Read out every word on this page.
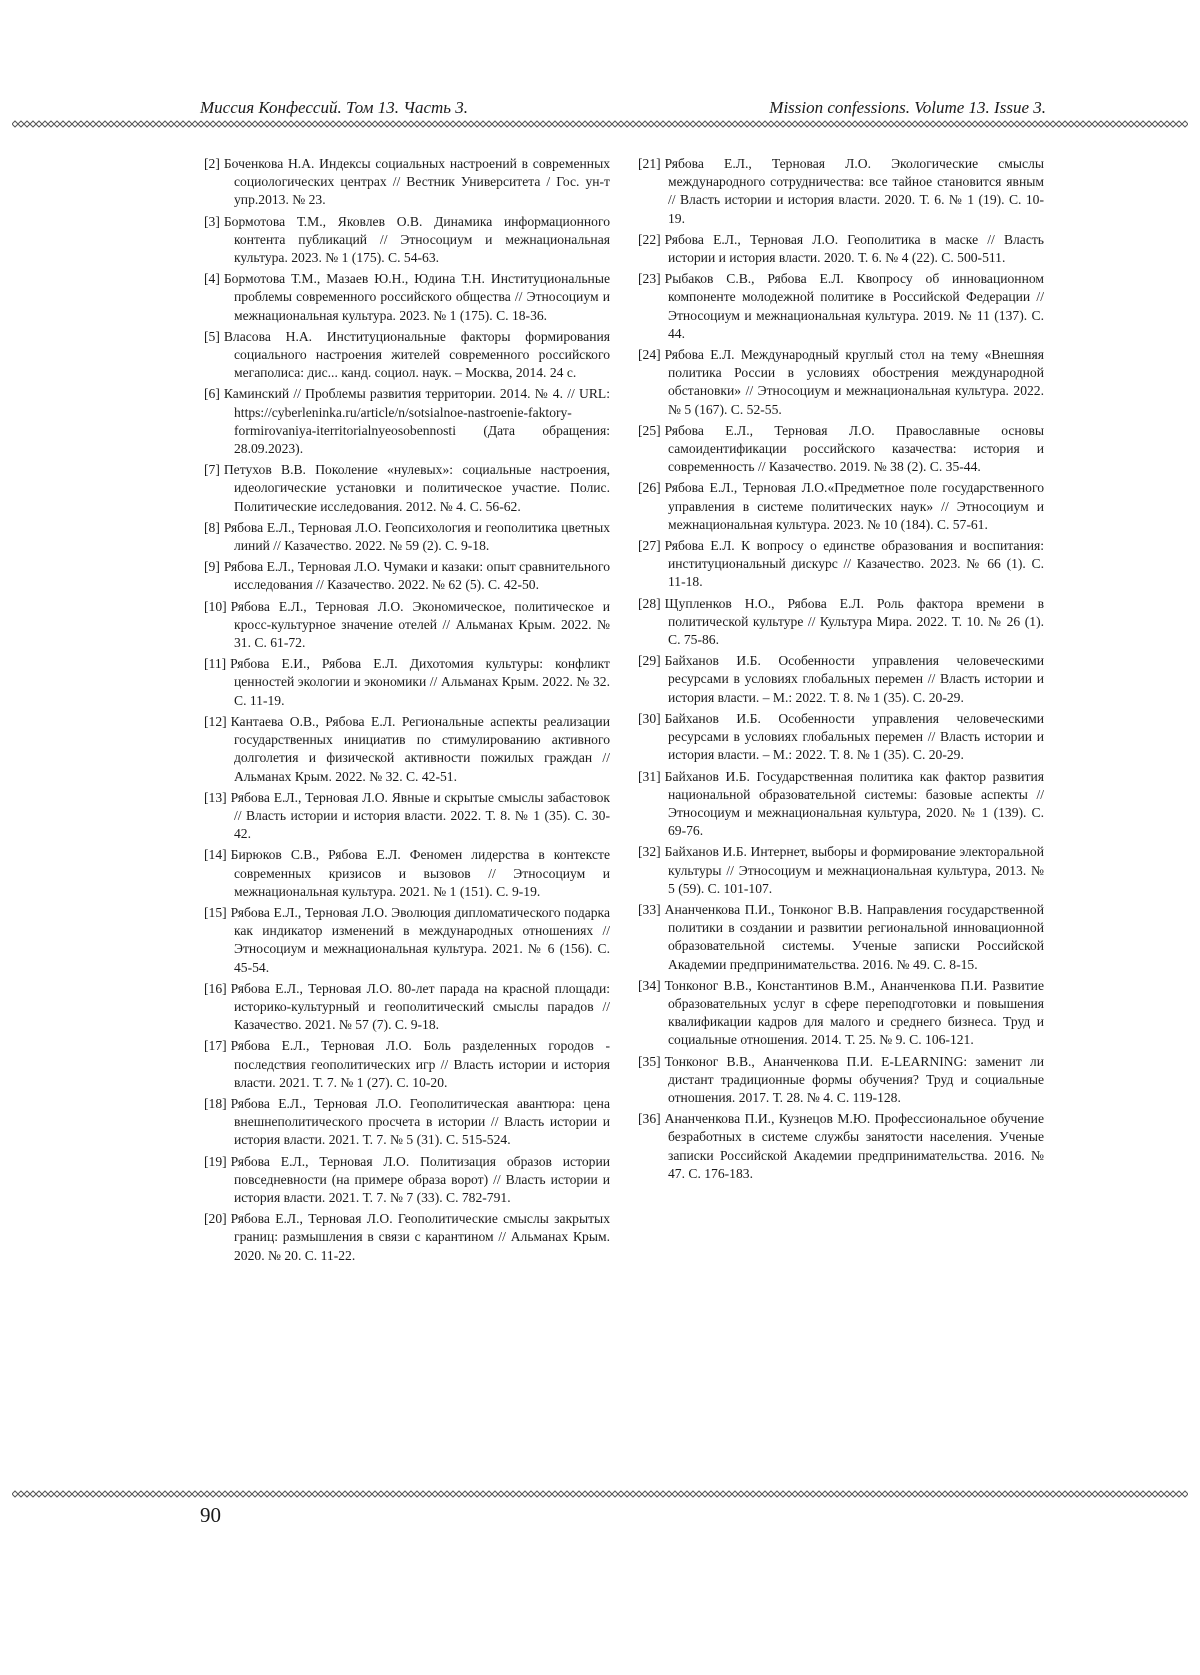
Миссия Конфессий. Том 13. Часть 3.	Mission confessions. Volume 13. Issue 3.
[2] Боченкова Н.А. Индексы социальных настроений в современных социологических центрах // Вестник Университета / Гос. ун-т упр.2013. № 23.
[3] Бормотова Т.М., Яковлев О.В. Динамика информационного контента публикаций // Этносоциум и межнациональная культура. 2023. № 1 (175). С. 54-63.
[4] Бормотова Т.М., Мазаев Ю.Н., Юдина Т.Н. Институциональные проблемы современного российского общества // Этносоциум и межнациональная культура. 2023. № 1 (175). С. 18-36.
[5] Власова Н.А. Институциональные факторы формирования социального настроения жителей современного российского мегаполиса: дис... канд. социол. наук. – Москва, 2014. 24 с.
[6] Каминский // Проблемы развития территории. 2014. № 4. // URL: https://cyberleninka.ru/article/n/sotsialnoe-nastroenie-faktory-formirovaniya-iterritorialnyeosobennosti (Дата обращения: 28.09.2023).
[7] Петухов В.В. Поколение «нулевых»: социальные настроения, идеологические установки и политическое участие. Полис. Политические исследования. 2012. № 4. С. 56-62.
[8] Рябова Е.Л., Терновая Л.О. Геопсихология и геополитика цветных линий // Казачество. 2022. № 59 (2). С. 9-18.
[9] Рябова Е.Л., Терновая Л.О. Чумаки и казаки: опыт сравнительного исследования // Казачество. 2022. № 62 (5). С. 42-50.
[10] Рябова Е.Л., Терновая Л.О. Экономическое, политическое и кросс-культурное значение отелей // Альманах Крым. 2022. № 31. С. 61-72.
[11] Рябова Е.И., Рябова Е.Л. Дихотомия культуры: конфликт ценностей экологии и экономики // Альманах Крым. 2022. № 32. С. 11-19.
[12] Кантаева О.В., Рябова Е.Л. Региональные аспекты реализации государственных инициатив по стимулированию активного долголетия и физической активности пожилых граждан // Альманах Крым. 2022. № 32. С. 42-51.
[13] Рябова Е.Л., Терновая Л.О. Явные и скрытые смыслы забастовок // Власть истории и история власти. 2022. Т. 8. № 1 (35). С. 30-42.
[14] Бирюков С.В., Рябова Е.Л. Феномен лидерства в контексте современных кризисов и вызовов // Этносоциум и межнациональная культура. 2021. № 1 (151). С. 9-19.
[15] Рябова Е.Л., Терновая Л.О. Эволюция дипломатического подарка как индикатор изменений в международных отношениях // Этносоциум и межнациональная культура. 2021. № 6 (156). С. 45-54.
[16] Рябова Е.Л., Терновая Л.О. 80-лет парада на красной площади: историко-культурный и геополитический смыслы парадов // Казачество. 2021. № 57 (7). С. 9-18.
[17] Рябова Е.Л., Терновая Л.О. Боль разделенных городов - последствия геополитических игр // Власть истории и история власти. 2021. Т. 7. № 1 (27). С. 10-20.
[18] Рябова Е.Л., Терновая Л.О. Геополитическая авантюра: цена внешнеполитического просчета в истории // Власть истории и история власти. 2021. Т. 7. № 5 (31). С. 515-524.
[19] Рябова Е.Л., Терновая Л.О. Политизация образов истории повседневности (на примере образа ворот) // Власть истории и история власти. 2021. Т. 7. № 7 (33). С. 782-791.
[20] Рябова Е.Л., Терновая Л.О. Геополитические смыслы закрытых границ: размышления в связи с карантином // Альманах Крым. 2020. № 20. С. 11-22.
[21] Рябова Е.Л., Терновая Л.О. Экологические смыслы международного сотрудничества: все тайное становится явным // Власть истории и история власти. 2020. Т. 6. № 1 (19). С. 10-19.
[22] Рябова Е.Л., Терновая Л.О. Геополитика в маске // Власть истории и история власти. 2020. Т. 6. № 4 (22). С. 500-511.
[23] Рыбаков С.В., Рябова Е.Л. Квопросу об инновационном компоненте молодежной политике в Российской Федерации // Этносоциум и межнациональная культура. 2019. № 11 (137). С. 44.
[24] Рябова Е.Л. Международный круглый стол на тему «Внешняя политика России в условиях обострения международной обстановки» // Этносоциум и межнациональная культура. 2022. № 5 (167). С. 52-55.
[25] Рябова Е.Л., Терновая Л.О. Православные основы самоидентификации российского казачества: история и современность // Казачество. 2019. № 38 (2). С. 35-44.
[26] Рябова Е.Л., Терновая Л.О.«Предметное поле государственного управления в системе политических наук» // Этносоциум и межнациональная культура. 2023. № 10 (184). С. 57-61.
[27] Рябова Е.Л. К вопросу о единстве образования и воспитания: институциональный дискурс // Казачество. 2023. № 66 (1). С. 11-18.
[28] Щупленков Н.О., Рябова Е.Л. Роль фактора времени в политической культуре // Культура Мира. 2022. Т. 10. № 26 (1). С. 75-86.
[29] Байханов И.Б. Особенности управления человеческими ресурсами в условиях глобальных перемен // Власть истории и история власти. – М.: 2022. Т. 8. № 1 (35). С. 20-29.
[30] Байханов И.Б. Особенности управления человеческими ресурсами в условиях глобальных перемен // Власть истории и история власти. – М.: 2022. Т. 8. № 1 (35). С. 20-29.
[31] Байханов И.Б. Государственная политика как фактор развития национальной образовательной системы: базовые аспекты // Этносоциум и межнациональная культура, 2020. № 1 (139). С. 69-76.
[32] Байханов И.Б. Интернет, выборы и формирование электоральной культуры // Этносоциум и межнациональная культура, 2013. № 5 (59). С. 101-107.
[33] Ананченкова П.И., Тонконог В.В. Направления государственной политики в создании и развитии региональной инновационной образовательной системы. Ученые записки Российской Академии предпринимательства. 2016. № 49. С. 8-15.
[34] Тонконог В.В., Константинов В.М., Ананченкова П.И. Развитие образовательных услуг в сфере переподготовки и повышения квалификации кадров для малого и среднего бизнеса. Труд и социальные отношения. 2014. Т. 25. № 9. С. 106-121.
[35] Тонконог В.В., Ананченкова П.И. E-LEARNING: заменит ли дистант традиционные формы обучения? Труд и социальные отношения. 2017. Т. 28. № 4. С. 119-128.
[36] Ананченкова П.И., Кузнецов М.Ю. Профессиональное обучение безработных в системе службы занятости населения. Ученые записки Российской Академии предпринимательства. 2016. № 47. С. 176-183.
90
